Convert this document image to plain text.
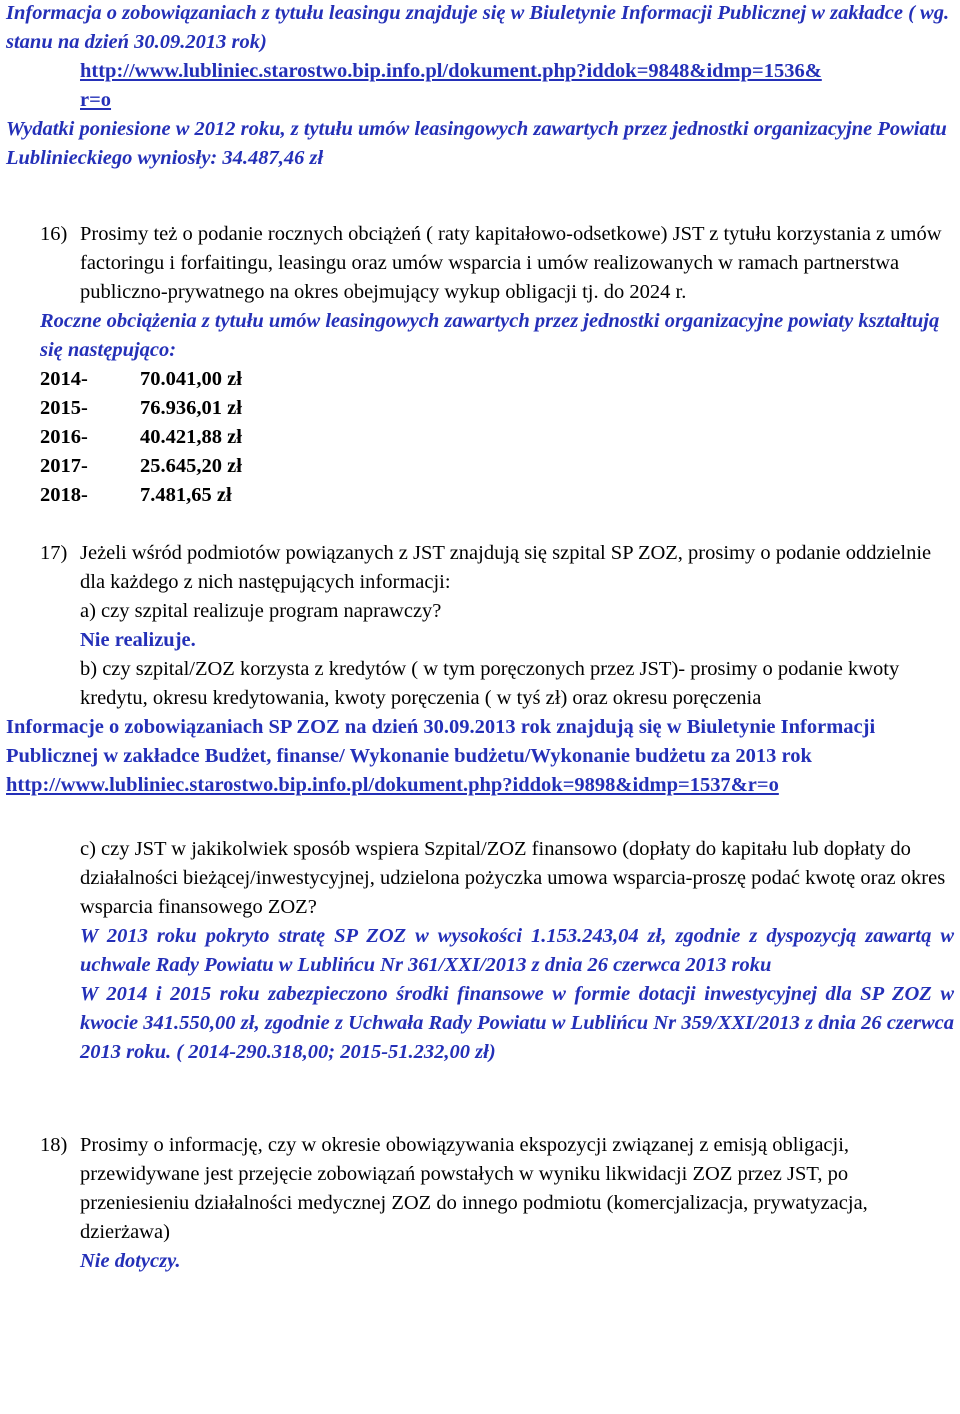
Informacja o zobowiązaniach z tytułu leasingu znajduje się w Biuletynie Informacji Publicznej w zakładce ( wg. stanu na dzień 30.09.2013 rok)

http://www.lubliniec.starostwo.bip.info.pl/dokument.php?iddok=9848&idmp=1536&
r=o

Wydatki poniesione w 2012 roku, z tytułu umów leasingowych zawartych przez jednostki organizacyjne Powiatu Lublinieckiego wyniosły: 34.487,46 zł

16) Prosimy też o podanie rocznych obciążeń ( raty kapitałowo-odsetkowe) JST z tytułu korzystania z umów factoringu i forfaitingu, leasingu oraz umów wsparcia i umów realizowanych w ramach partnerstwa publiczno-prywatnego na okres obejmujący wykup obligacji tj. do 2024 r.

Roczne obciążenia z tytułu umów leasingowych zawartych przez jednostki organizacyjne powiaty kształtują się następująco:

2014-	70.041,00 zł
2015-	76.936,01 zł
2016-	40.421,88 zł
2017-	25.645,20 zł
2018-	7.481,65 zł
17) Jeżeli wśród podmiotów powiązanych z JST znajdują się szpital SP ZOZ, prosimy o podanie oddzielnie dla każdego z nich następujących informacji:

a) czy szpital realizuje program naprawczy?

Nie realizuje.

b) czy szpital/ZOZ korzysta z kredytów ( w tym poręczonych przez JST)- prosimy o podanie kwoty kredytu, okresu kredytowania, kwoty poręczenia ( w tyś zł) oraz okresu poręczenia

Informacje o zobowiązaniach SP ZOZ na dzień 30.09.2013 rok znajdują się w Biuletynie Informacji Publicznej w zakładce Budżet, finanse/ Wykonanie budżetu/Wykonanie budżetu za 2013 rok

http://www.lubliniec.starostwo.bip.info.pl/dokument.php?iddok=9898&idmp=1537&r=o

c) czy JST w jakikolwiek sposób wspiera Szpital/ZOZ finansowo (dopłaty do kapitału lub dopłaty do działalności bieżącej/inwestycyjnej, udzielona pożyczka umowa wsparcia-proszę podać kwotę oraz okres wsparcia finansowego ZOZ?

W 2013 roku pokryto stratę SP ZOZ w wysokości 1.153.243,04 zł, zgodnie z dyspozycją zawartą w uchwale Rady Powiatu w Lublińcu Nr 361/XXI/2013 z dnia 26 czerwca 2013 roku

W 2014 i 2015 roku zabezpieczono środki finansowe w formie dotacji inwestycyjnej dla SP ZOZ w kwocie 341.550,00 zł, zgodnie z Uchwała Rady Powiatu w Lublińcu Nr 359/XXI/2013 z dnia 26 czerwca 2013 roku. ( 2014-290.318,00; 2015-51.232,00 zł)

18) Prosimy o informację, czy w okresie obowiązywania ekspozycji związanej z emisją obligacji, przewidywane jest przejęcie zobowiązań powstałych w wyniku likwidacji ZOZ przez JST, po przeniesieniu działalności medycznej ZOZ do innego podmiotu (komercjalizacja, prywatyzacja, dzierżawa)

Nie dotyczy.
